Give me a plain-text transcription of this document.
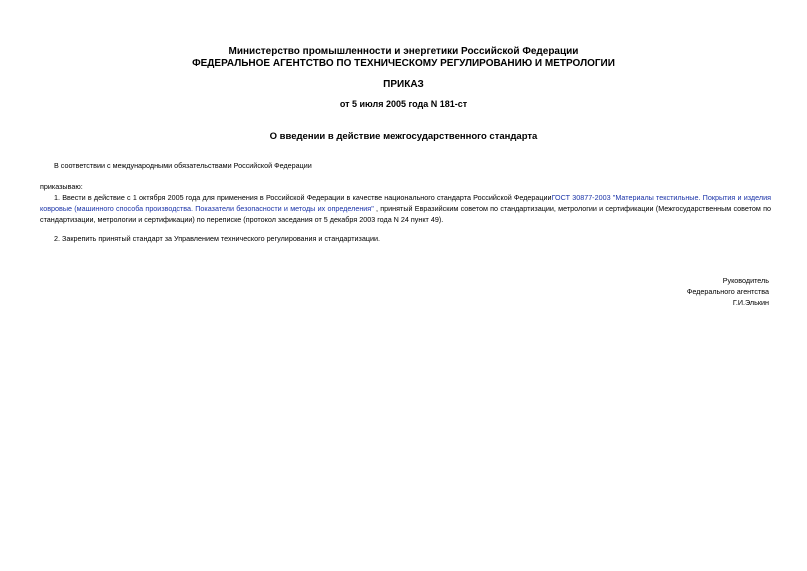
Министерство промышленности и энергетики Российской Федерации
ФЕДЕРАЛЬНОЕ АГЕНТСТВО ПО ТЕХНИЧЕСКОМУ РЕГУЛИРОВАНИЮ И МЕТРОЛОГИИ
ПРИКАЗ
от 5 июля 2005 года N 181-ст
О введении в действие межгосударственного стандарта
В соответствии с международными обязательствами Российской Федерации
приказываю:
1. Ввести в действие с 1 октября 2005 года для применения в Российской Федерации в качестве национального стандарта Российской ФедерацииГОСТ 30877-2003 "Материалы текстильные. Покрытия и изделия ковровые (машинного способа производства. Показатели безопасности и методы их определения" , принятый Евразийским советом по стандартизации, метрологии и сертификации (Межгосударственным советом по стандартизации, метрологии и сертификации) по переписке (протокол заседания от 5 декабря 2003 года N 24 пункт 49).
2. Закрепить принятый стандарт за Управлением технического регулирования и стандартизации.
Руководитель
Федерального агентства
Г.И.Элькин
